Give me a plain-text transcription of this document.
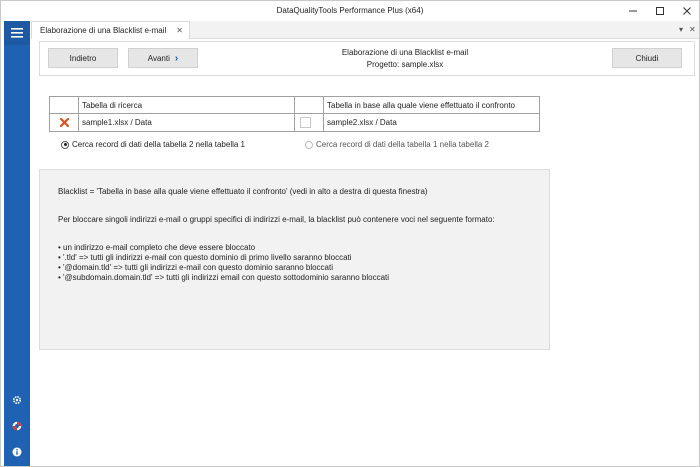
DataQualityTools Performance Plus (x64)
Elaborazione di una Blacklist e-mail ✕	▾ ✕
Indietro	Avanti ›	Elaborazione di una Blacklist e-mail
Progetto: sample.xlsx
Chiudi
Tabella di ricerca	Tabella in base alla quale viene effettuato il confronto
sample1.xlsx / Data	sample2.xlsx / Data
Cerca record di dati della tabella 2 nella tabella 1	Cerca record di dati della tabella 1 nella tabella 2

Blacklist = 'Tabella in base alla quale viene effettuato il confronto' (vedi in alto a destra di questa finestra)

Per bloccare singoli indirizzi e-mail o gruppi specifici di indirizzi e-mail, la blacklist può contenere voci nel seguente formato:

• un indirizzo e-mail completo che deve essere bloccato

• '.tld' => tutti gli indirizzi e-mail con questo dominio di primo livello saranno bloccati

• '@domain.tld' => tutti gli indirizzi e-mail con questo dominio saranno bloccati

• '@subdomain.domain.tld' => tutti gli indirizzi email con questo sottodominio saranno bloccati
